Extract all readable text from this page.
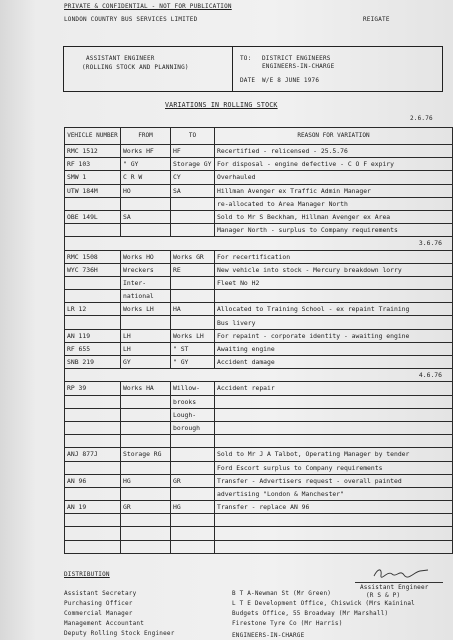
PRIVATE & CONFIDENTIAL - NOT FOR PUBLICATION
LONDON COUNTRY BUS SERVICES LIMITED	REIGATE
ASSISTANT ENGINEER
(ROLLING STOCK AND PLANNING)
TO: DISTRICT ENGINEERS
ENGINEERS-IN-CHARGE
DATE W/E 8 JUNE 1976
VARIATIONS IN ROLLING STOCK
2.6.76
VEHICLE NUMBER	FROM	TO	REASON FOR VARIATION
RMC 1512	Works HF	HF	Recertified - relicensed - 25.5.76
RF 103	" GY	Storage GY	For disposal - engine defective - C O F expiry
SMW 1	C R W	CY	Overhauled
UTW 184M	HO	SA	Hillman Avenger ex Traffic Admin Manager
			re-allocated to Area Manager North
OBE 149L	SA		Sold to Mr S Beckham, Hillman Avenger ex Area
			Manager North - surplus to Company requirements
3.6.76			
RMC 1508	Works HO	Works GR	For recertification
WYC 736H	Wreckers	RE	New vehicle into stock - Mercury breakdown lorry
	Inter-		Fleet No H2
	national		
LR 12	Works LH	HA	Allocated to Training School - ex repaint Training
			Bus livery
AN 119	LH	Works LH	For repaint - corporate identity - awaiting engine
RF 655	LH	" ST	Awaiting engine
SNB 219	GY	" GY	Accident damage
4.6.76			
RP 39	Works HA	Willow-	Accident repair
		brooks	
		Lough-	
		borough	

ANJ 877J	Storage RG		Sold to Mr J A Talbot, Operating Manager by tender
			Ford Escort surplus to Company requirements
AN 96	HG	GR	Transfer - Advertisers request - overall painted
			advertising "London & Manchester"
AN 19	GR	HG	Transfer - replace AN 96

DISTRIBUTION
Assistant Secretary
Purchasing Officer
Commercial Manager
Management Accountant
Deputy Rolling Stock Engineer
B T A-Newman St (Mr Green)
L T E Development Office, Chiswick (Mrs Kaininal
Budgets Office, 55 Broadway (Mr Marshall)
Firestone Tyre Co (Mr Harris)
ENGINEERS-IN-CHARGE
Assistant Engineer
(R S & P)
